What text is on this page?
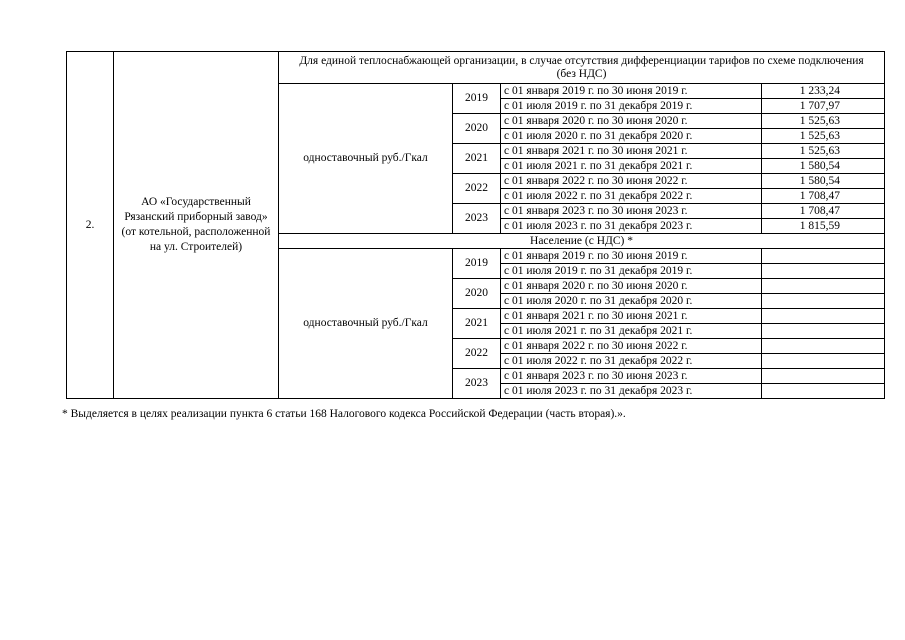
2.	АО «Государственный Рязанский приборный завод» (от котельной, расположенной на ул. Строителей)	Для единой теплоснабжающей организации, в случае отсутствия дифференциации тарифов по схеме подключения (без НДС)			
		одноставочный руб./Гкал	2019	с 01 января 2019 г. по 30 июня 2019 г.	1 233,24
				с 01 июля 2019 г. по 31 декабря 2019 г.	1 707,97
			2020	с 01 января 2020 г. по 30 июня 2020 г.	1 525,63
				с 01 июля 2020 г. по 31 декабря 2020 г.	1 525,63
			2021	с 01 января 2021 г. по 30 июня 2021 г.	1 525,63
				с 01 июля 2021 г. по 31 декабря 2021 г.	1 580,54
			2022	с 01 января 2022 г. по 30 июня 2022 г.	1 580,54
				с 01 июля 2022 г. по 31 декабря 2022 г.	1 708,47
			2023	с 01 января 2023 г. по 30 июня 2023 г.	1 708,47
				с 01 июля 2023 г. по 31 декабря 2023 г.	1 815,59
		Население (с НДС) *			
		одноставочный руб./Гкал	2019	с 01 января 2019 г. по 30 июня 2019 г.	
				с 01 июля 2019 г. по 31 декабря 2019 г.	
			2020	с 01 января 2020 г. по 30 июня 2020 г.	
				с 01 июля 2020 г. по 31 декабря 2020 г.	
			2021	с 01 января 2021 г. по 30 июня 2021 г.	
				с 01 июля 2021 г. по 31 декабря 2021 г.	
			2022	с 01 января 2022 г. по 30 июня 2022 г.	
				с 01 июля 2022 г. по 31 декабря 2022 г.	
			2023	с 01 января 2023 г. по 30 июня 2023 г.	
				с 01 июля 2023 г. по 31 декабря 2023 г.	
* Выделяется в целях реализации пункта 6 статьи 168 Налогового кодекса Российской Федерации (часть вторая).».
